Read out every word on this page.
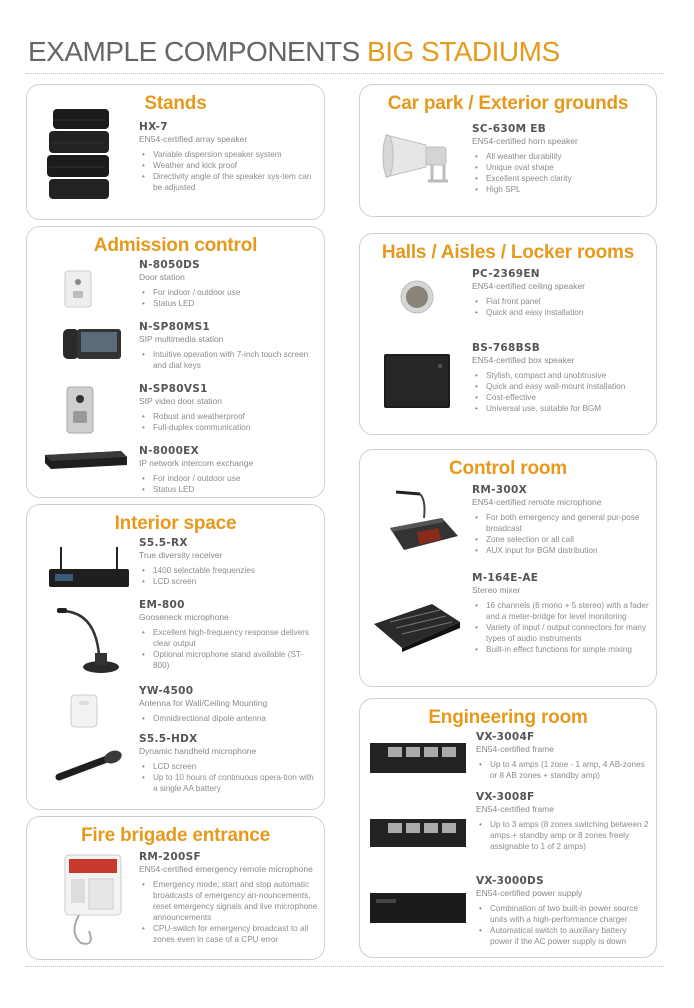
EXAMPLE COMPONENTS BIG STADIUMS
Stands
HX-7
EN54-certified array speaker
• Variable dispersion speaker system
• Weather and kick proof
• Directivity angle of the speaker sys-tem can be adjusted
Car park / Exterior grounds
SC-630M EB
EN54-certified horn speaker
• All weather durability
• Unique oval shape
• Excellent speech clarity
• High SPL
Admission control
N-8050DS
Door station
• For indoor / outdoor use
• Status LED
N-SP80MS1
SIP multimedia station
• Intuitive operation with 7-inch touch screen and dial keys
N-SP80VS1
SIP video door station
• Robust and weatherproof
• Full-duplex communication
N-8000EX
IP network intercom exchange
• For indoor / outdoor use
• Status LED
Halls / Aisles / Locker rooms
PC-2369EN
EN54-certified ceiling speaker
• Flat front panel
• Quick and easy installation
BS-768BSB
EN54-certified box speaker
• Stylish, compact and unobtrusive
• Quick and easy wall-mount installation
• Cost-effective
• Universal use, suitable for BGM
Control room
RM-300X
EN54-certified remote microphone
• For both emergency and general pur-pose broadcast
• Zone selection or all call
• AUX input for BGM distribution
M-164E-AE
Stereo mixer
• 16 channels (6 mono + 5 stereo) with a fader and a meter-bridge for level monitoring
• Variety of input / output connectors for many types of audio instruments
• Built-in effect functions for simple mixing
Interior space
S5.5-RX
True diversity receiver
• 1400 selectable frequenzies
• LCD screen
EM-800
Gooseneck microphone
• Excellent high-frequency response delivers clear output
• Optional microphone stand available (ST-800)
YW-4500
Antenna for Wall/Ceiling Mounting
• Omnidirectional dipole antenna
S5.5-HDX
Dynamic handheld microphone
• LCD screen
• Up to 10 hours of continuous opera-tion with a single AA battery
Engineering room
VX-3004F
EN54-certified frame
• Up to 4 amps (1 zone - 1 amp, 4 AB-zones or 8 AB zones + standby amp)
VX-3008F
EN54-certified frame
• Up to 3 amps (8 zones switching between 2 amps + standby amp or 8 zones freely assignable to 1 of 2 amps)
VX-3000DS
EN54-certified power supply
• Combination of two built-in power source units with a high-performance charger
• Automatical switch to auxiliary battery power if the AC power supply is down
Fire brigade entrance
RM-200SF
EN54-certified emergency remote microphone
• Emergency mode; start and stop automatic broadcasts of emergency an-nouncements, reset emergency signals and live microphone announcements
• CPU-switch for emergency broadcast to all zones even in case of a CPU error
